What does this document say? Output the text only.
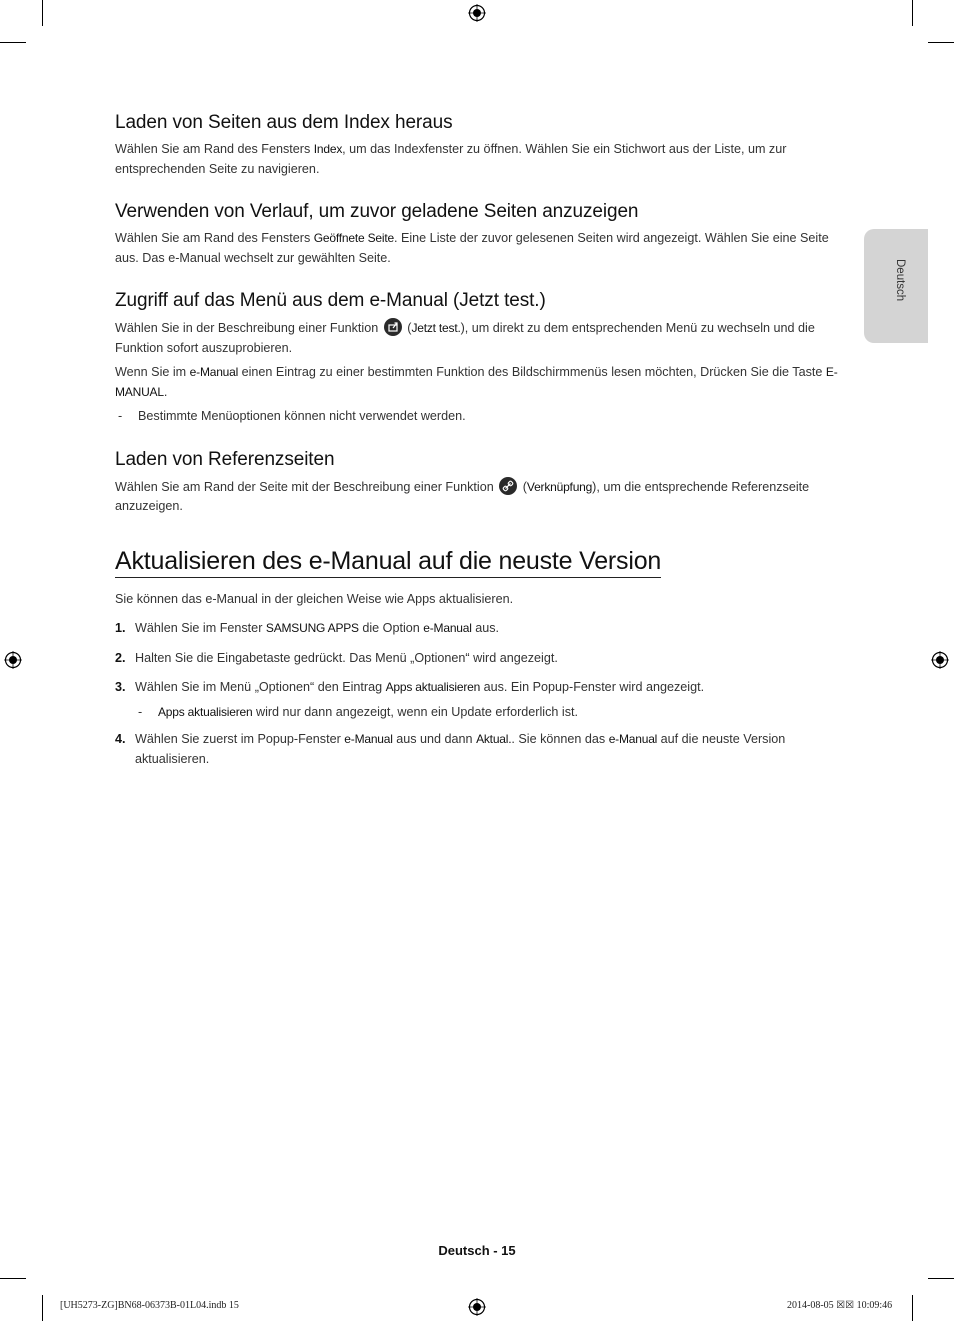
Deutsch
Laden von Seiten aus dem Index heraus

Wählen Sie am Rand des Fensters Index, um das Indexfenster zu öffnen. Wählen Sie ein Stichwort aus der Liste, um zur entsprechenden Seite zu navigieren.

Verwenden von Verlauf, um zuvor geladene Seiten anzuzeigen

Wählen Sie am Rand des Fensters Geöffnete Seite. Eine Liste der zuvor gelesenen Seiten wird angezeigt. Wählen Sie eine Seite aus. Das e-Manual wechselt zur gewählten Seite.

Zugriff auf das Menü aus dem e-Manual (Jetzt test.)

Wählen Sie in der Beschreibung einer Funktion
(Jetzt test.), um direkt zu dem entsprechenden Menü zu wechseln und die Funktion sofort auszuprobieren.

Wenn Sie im e-Manual einen Eintrag zu einer bestimmten Funktion des Bildschirmmenüs lesen möchten, Drücken Sie die Taste E-MANUAL.

-	Bestimmte Menüoptionen können nicht verwendet werden.
Laden von Referenzseiten

Wählen Sie am Rand der Seite mit der Beschreibung einer Funktion
(Verknüpfung), um die entsprechende Referenzseite anzuzeigen.

Aktualisieren des e-Manual auf die neuste Version

Sie können das e-Manual in der gleichen Weise wie Apps aktualisieren.

1. Wählen Sie im Fenster SAMSUNG APPS die Option e-Manual aus.
2. Halten Sie die Eingabetaste gedrückt. Das Menü „Optionen“ wird angezeigt.
3. Wählen Sie im Menü „Optionen“ den Eintrag Apps aktualisieren aus. Ein Popup-Fenster wird angezeigt.
-	Apps aktualisieren wird nur dann angezeigt, wenn ein Update erforderlich ist.
4. Wählen Sie zuerst im Popup-Fenster e-Manual aus und dann Aktual.. Sie können das e-Manual auf die neuste Version aktualisieren.
Deutsch - 15
[UH5273-ZG]BN68-06373B-01L04.indb 15	2014-08-05 ☒☒ 10:09:46
